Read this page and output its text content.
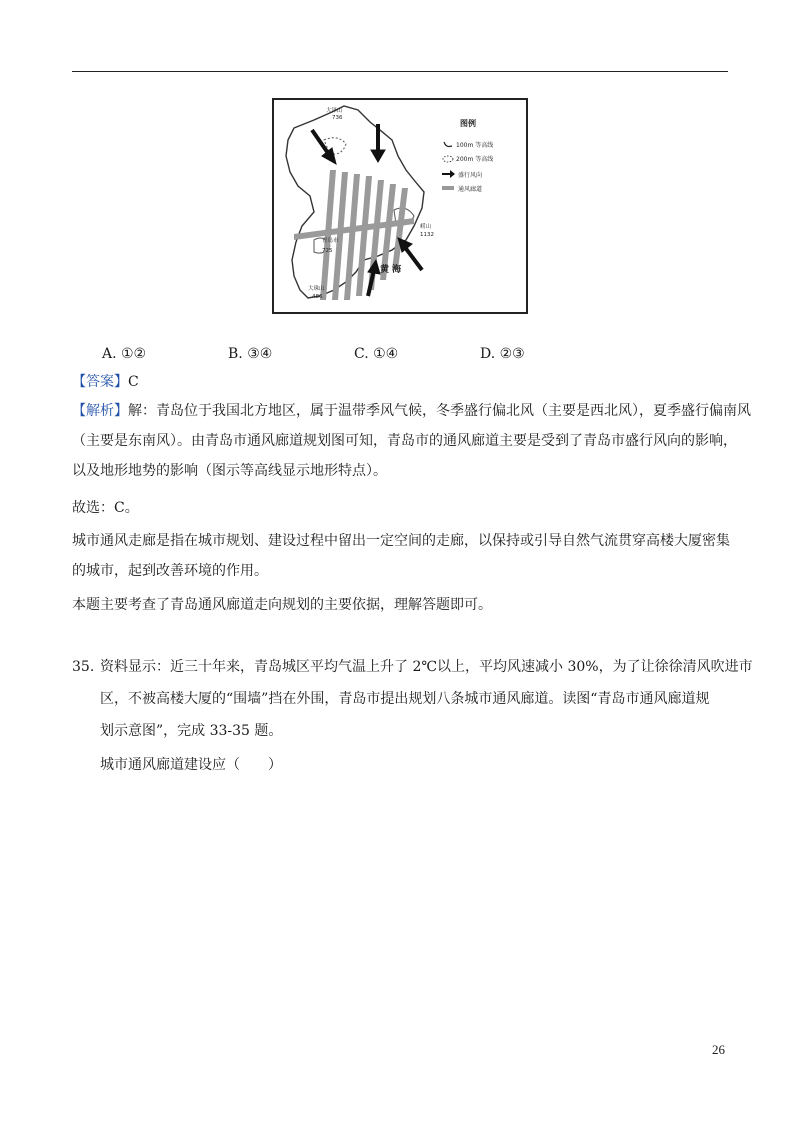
大泽山
736
崂山
1132
青岛市
725
大珠山
486
黄 海
图例
100m 等高线
200m 等高线
盛行风向
通风廊道
A. ①②	B. ③④	C. ①④	D. ②③
【答案】C
【解析】解：青岛位于我国北方地区，属于温带季风气候，冬季盛行偏北风（主要是西北风），夏季盛行偏南风
（主要是东南风）。由青岛市通风廊道规划图可知，青岛市的通风廊道主要是受到了青岛市盛行风向的影响，
以及地形地势的影响（图示等高线显示地形特点）。
故选：C。
城市通风走廊是指在城市规划、建设过程中留出一定空间的走廊，以保持或引导自然气流贯穿高楼大厦密集
的城市，起到改善环境的作用。
本题主要考查了青岛通风廊道走向规划的主要依据，理解答题即可。
35. 资料显示：近三十年来，青岛城区平均气温上升了 2℃以上，平均风速减小 30%，为了让徐徐清风吹进市
区，不被高楼大厦的“围墙”挡在外围，青岛市提出规划八条城市通风廊道。读图“青岛市通风廊道规
划示意图”，完成 33-35 题。
城市通风廊道建设应（　　）
26
